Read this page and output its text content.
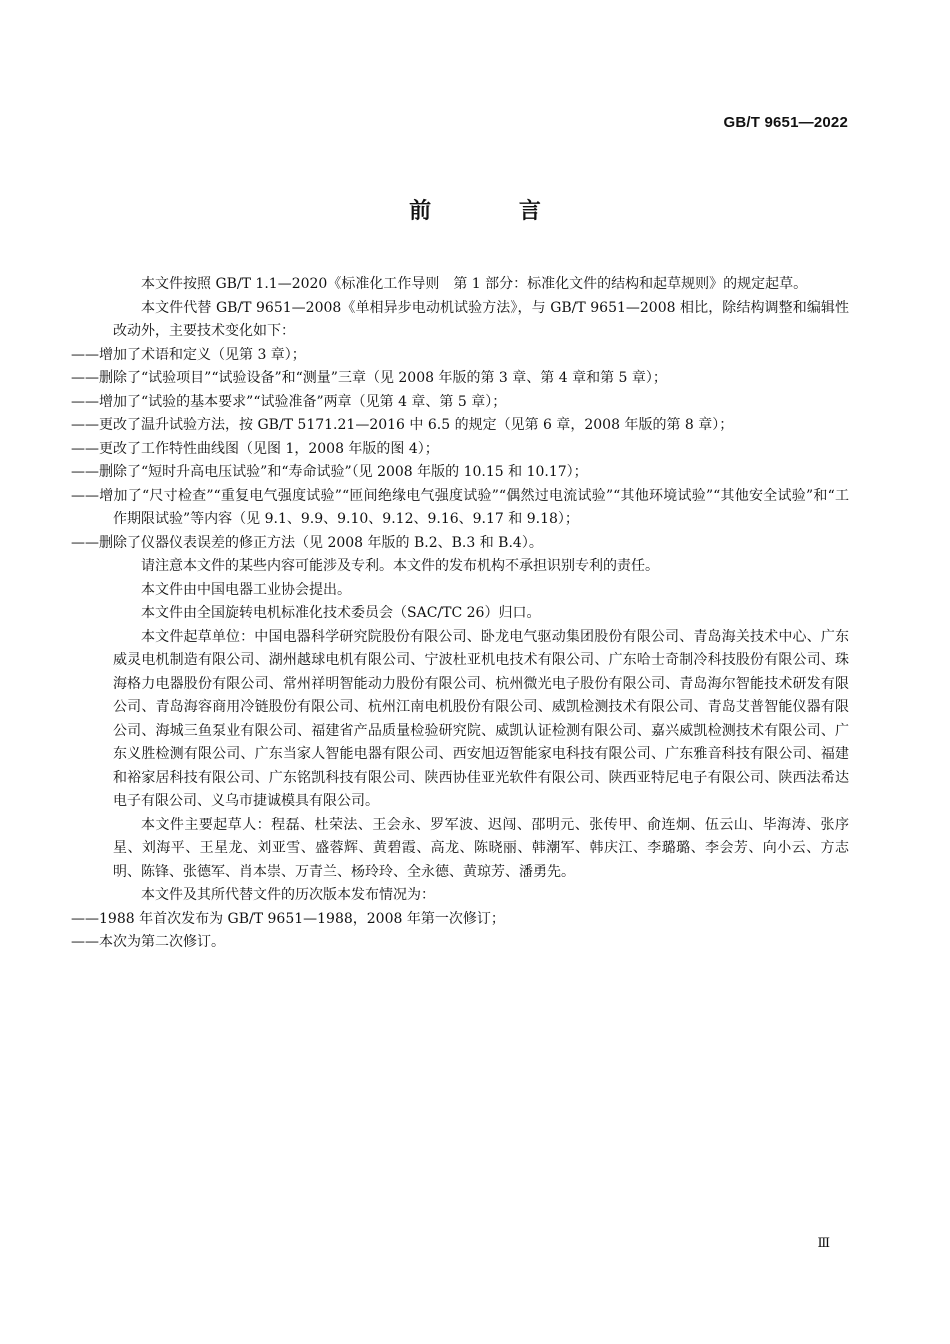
GB/T 9651—2022
前 言

本文件按照 GB/T 1.1—2020《标准化工作导则　第 1 部分：标准化文件的结构和起草规则》的规定起草。

本文件代替 GB/T 9651—2008《单相异步电动机试验方法》，与 GB/T 9651—2008 相比，除结构调整和编辑性改动外，主要技术变化如下：

——增加了术语和定义（见第 3 章）；

——删除了“试验项目”“试验设备”和“测量”三章（见 2008 年版的第 3 章、第 4 章和第 5 章）；

——增加了“试验的基本要求”“试验准备”两章（见第 4 章、第 5 章）；

——更改了温升试验方法，按 GB/T 5171.21—2016 中 6.5 的规定（见第 6 章，2008 年版的第 8 章）；

——更改了工作特性曲线图（见图 1，2008 年版的图 4）；

——删除了“短时升高电压试验”和“寿命试验”（见 2008 年版的 10.15 和 10.17）；

——增加了“尺寸检查”“重复电气强度试验”“匝间绝缘电气强度试验”“偶然过电流试验”“其他环境试验”“其他安全试验”和“工作期限试验”等内容（见 9.1、9.9、9.10、9.12、9.16、9.17 和 9.18）；

——删除了仪器仪表误差的修正方法（见 2008 年版的 B.2、B.3 和 B.4）。

请注意本文件的某些内容可能涉及专利。本文件的发布机构不承担识别专利的责任。

本文件由中国电器工业协会提出。

本文件由全国旋转电机标准化技术委员会（SAC/TC 26）归口。

本文件起草单位：中国电器科学研究院股份有限公司、卧龙电气驱动集团股份有限公司、青岛海关技术中心、广东威灵电机制造有限公司、湖州越球电机有限公司、宁波杜亚机电技术有限公司、广东哈士奇制冷科技股份有限公司、珠海格力电器股份有限公司、常州祥明智能动力股份有限公司、杭州微光电子股份有限公司、青岛海尔智能技术研发有限公司、青岛海容商用冷链股份有限公司、杭州江南电机股份有限公司、威凯检测技术有限公司、青岛艾普智能仪器有限公司、海城三鱼泵业有限公司、福建省产品质量检验研究院、威凯认证检测有限公司、嘉兴威凯检测技术有限公司、广东义胜检测有限公司、广东当家人智能电器有限公司、西安旭迈智能家电科技有限公司、广东雅音科技有限公司、福建和裕家居科技有限公司、广东铭凯科技有限公司、陕西协佳亚光软件有限公司、陕西亚特尼电子有限公司、陕西法希达电子有限公司、义乌市捷诚模具有限公司。

本文件主要起草人：程磊、杜荣法、王会永、罗军波、迟闯、邵明元、张传甲、俞连炯、伍云山、毕海涛、张序星、刘海平、王星龙、刘亚雪、盛蓉辉、黄碧霞、高龙、陈晓丽、韩潮军、韩庆江、李璐璐、李会芳、向小云、方志明、陈锋、张德军、肖本崇、万青兰、杨玲玲、全永德、黄琼芳、潘勇先。

本文件及其所代替文件的历次版本发布情况为：

——1988 年首次发布为 GB/T 9651—1988，2008 年第一次修订；

——本次为第二次修订。

Ⅲ
